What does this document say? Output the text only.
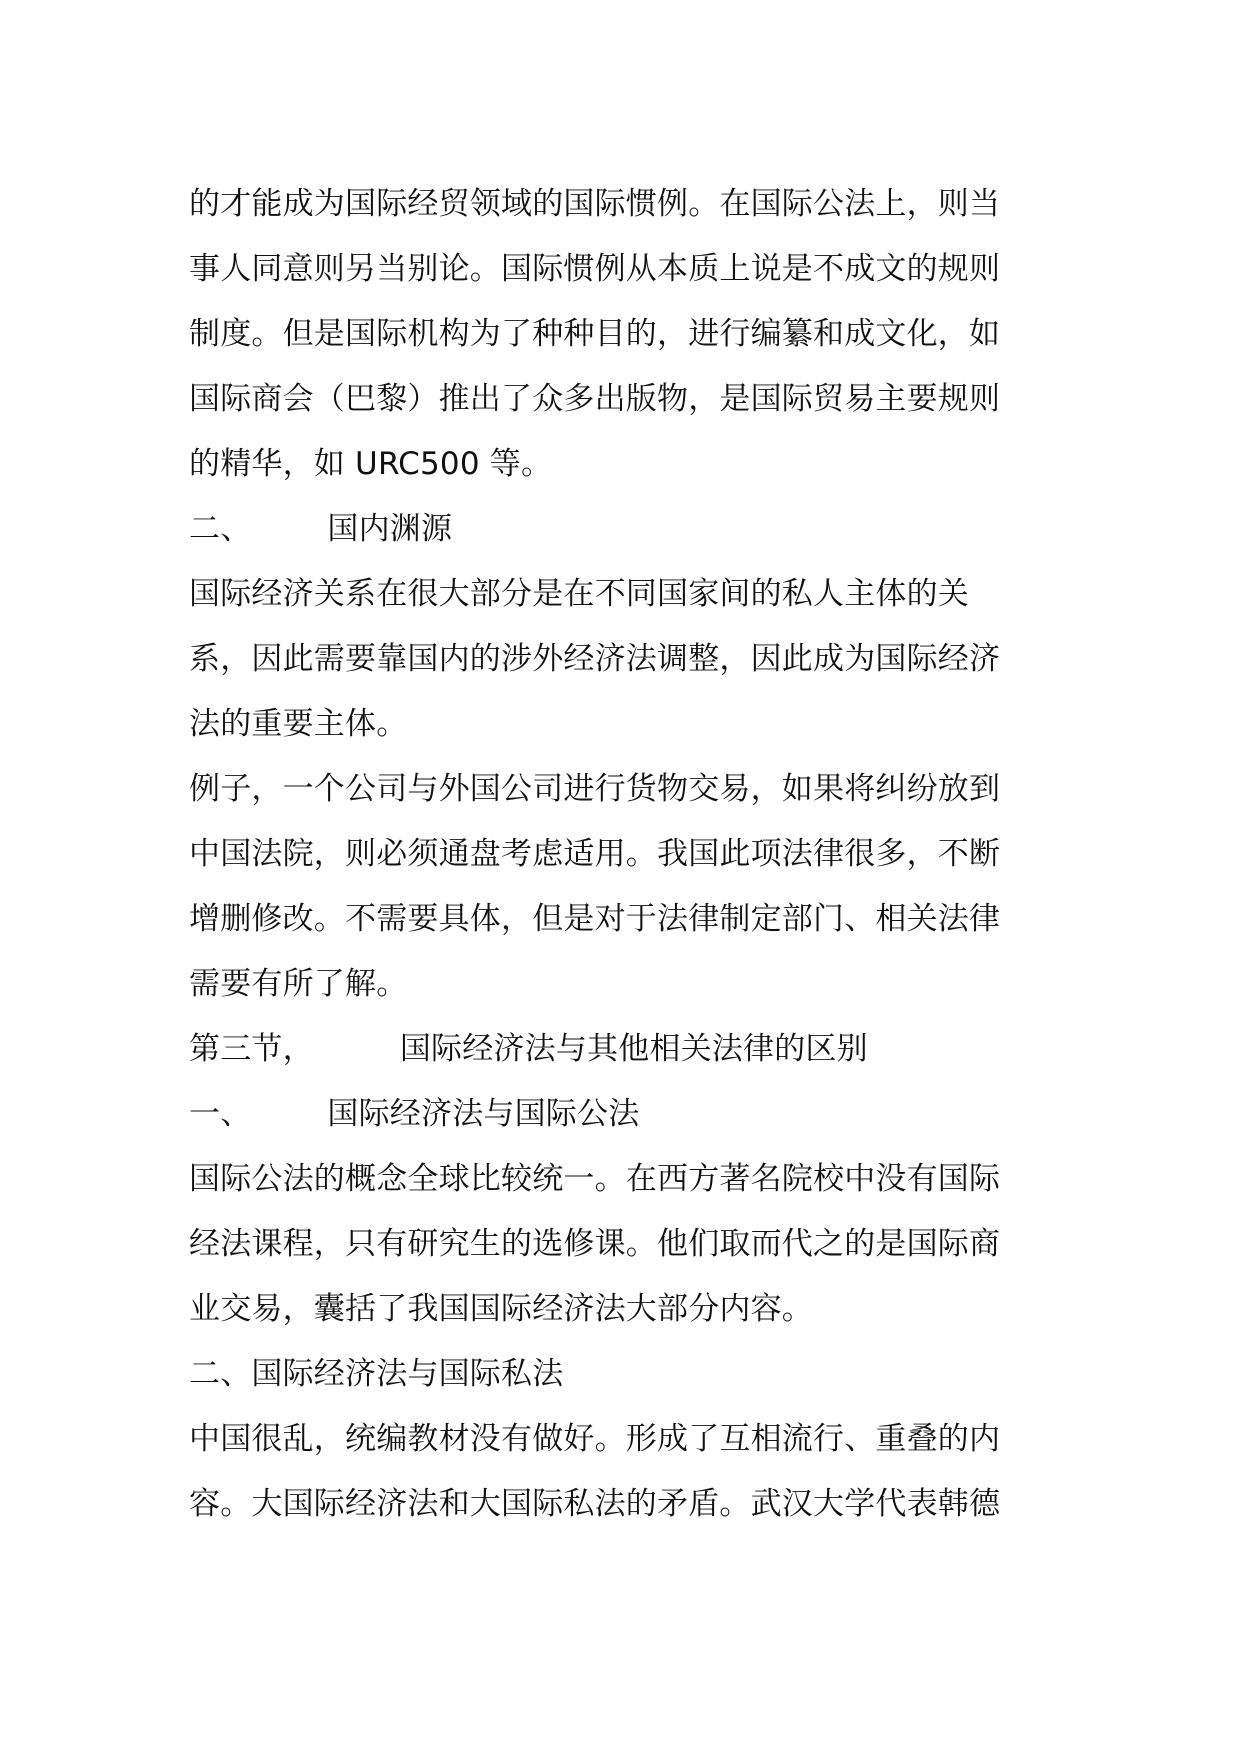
的才能成为国际经贸领域的国际惯例。在国际公法上，则当
事人同意则另当别论。国际惯例从本质上说是不成文的规则
制度。但是国际机构为了种种目的，进行编纂和成文化，如
国际商会（巴黎）推出了众多出版物，是国际贸易主要规则
的精华，如 URC500 等。
二、 国内渊源
国际经济关系在很大部分是在不同国家间的私人主体的关
系，因此需要靠国内的涉外经济法调整，因此成为国际经济
法的重要主体。
例子，一个公司与外国公司进行货物交易，如果将纠纷放到
中国法院，则必须通盘考虑适用。我国此项法律很多，不断
增删修改。不需要具体，但是对于法律制定部门、相关法律
需要有所了解。
第三节，	国际经济法与其他相关法律的区别
一、 国际经济法与国际公法
国际公法的概念全球比较统一。在西方著名院校中没有国际
经法课程，只有研究生的选修课。他们取而代之的是国际商
业交易，囊括了我国国际经济法大部分内容。
二、国际经济法与国际私法
中国很乱，统编教材没有做好。形成了互相流行、重叠的内
容。大国际经济法和大国际私法的矛盾。武汉大学代表韩德
